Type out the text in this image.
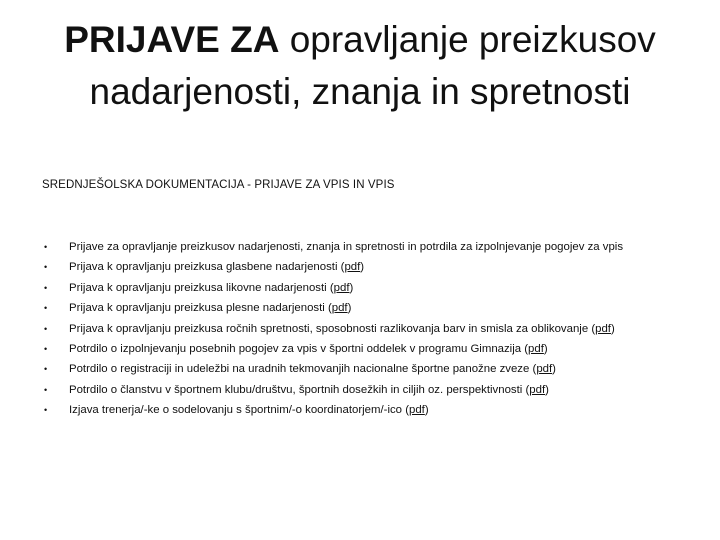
PRIJAVE ZA opravljanje preizkusov
nadarjenosti, znanja in spretnosti

SREDNJEŠOLSKA DOKUMENTACIJA - PRIJAVE ZA VPIS IN VPIS

• Prijave za opravljanje preizkusov nadarjenosti, znanja in spretnosti in potrdila za izpolnjevanje pogojev za vpis
• Prijava k opravljanju preizkusa glasbene nadarjenosti (pdf)
• Prijava k opravljanju preizkusa likovne nadarjenosti (pdf)
• Prijava k opravljanju preizkusa plesne nadarjenosti (pdf)
• Prijava k opravljanju preizkusa ročnih spretnosti, sposobnosti razlikovanja barv in smisla za oblikovanje (pdf)
• Potrdilo o izpolnjevanju posebnih pogojev za vpis v športni oddelek v programu Gimnazija (pdf)
• Potrdilo o registraciji in udeležbi na uradnih tekmovanjih nacionalne športne panožne zveze (pdf)
• Potrdilo o članstvu v športnem klubu/društvu, športnih dosežkih in ciljih oz. perspektivnosti (pdf)
• Izjava trenerja/-ke o sodelovanju s športnim/-o koordinatorjem/-ico (pdf)
